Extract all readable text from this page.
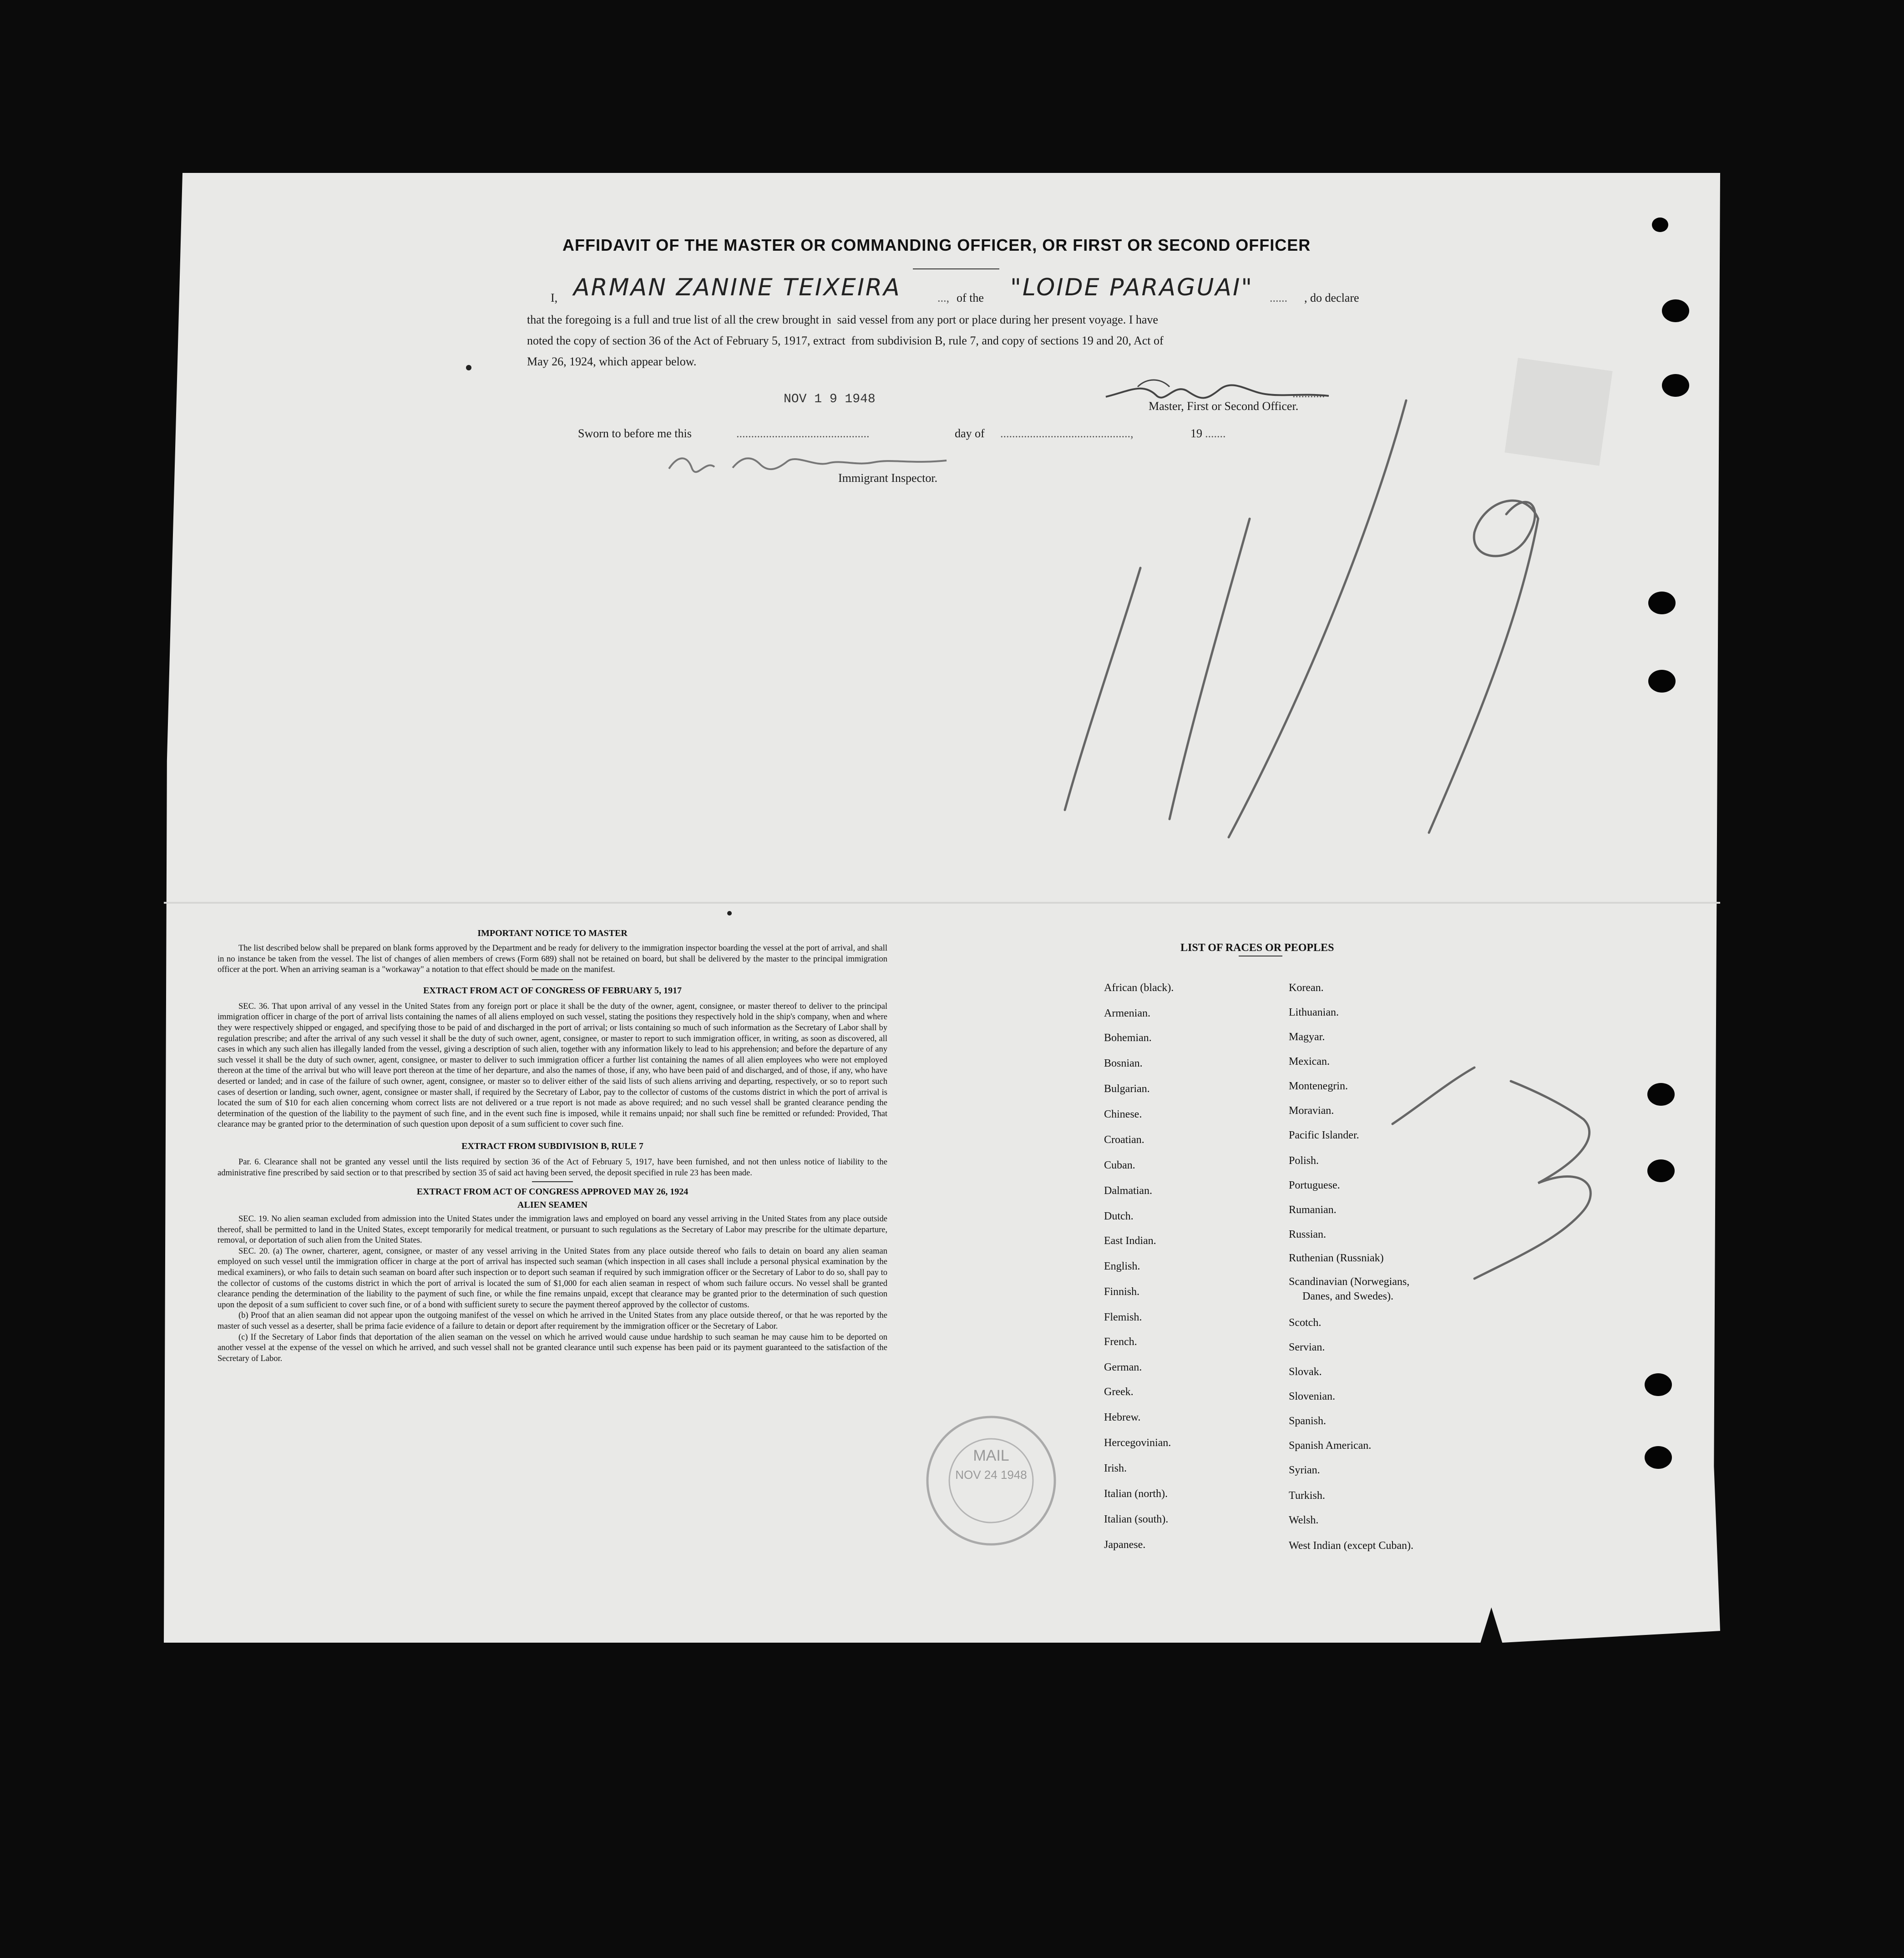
AFFIDAVIT OF THE MASTER OR COMMANDING OFFICER, OR FIRST OR SECOND OFFICER
I, ARMAN ZANINE TEIXEIRA	..., of the "LOIDE PARAGUAI" ...... , do declare
that the foregoing is a full and true list of all the crew brought in  said vessel from any port or place during her present voyage. I have
noted the copy of section 36 of the Act of February 5, 1917, extract  from subdivision B, rule 7, and copy of sections 19 and 20, Act of
May 26, 1924, which appear below.
NOV 1 9 1948	...........
Master, First or Second Officer.
Sworn to before me this	.............................................	day of ............................................,	19 .......
Immigrant Inspector.
IMPORTANT NOTICE TO MASTER
The list described below shall be prepared on blank forms approved by the Department and be ready for delivery to the immigration inspector boarding the vessel at the port of arrival, and shall in no instance be taken from the vessel. The list of changes of alien members of crews (Form 689) shall not be retained on board, but shall be delivered by the master to the principal immigration officer at the port. When an arriving seaman is a "workaway" a notation to that effect should be made on the manifest.
EXTRACT FROM ACT OF CONGRESS OF FEBRUARY 5, 1917
SEC. 36. That upon arrival of any vessel in the United States from any foreign port or place it shall be the duty of the owner, agent, consignee, or master thereof to deliver to the principal immigration officer in charge of the port of arrival lists containing the names of all aliens employed on such vessel, stating the positions they respectively hold in the ship's company, when and where they were respectively shipped or engaged, and specifying those to be paid of and discharged in the port of arrival; or lists containing so much of such information as the Secretary of Labor shall by regulation prescribe; and after the arrival of any such vessel it shall be the duty of such owner, agent, consignee, or master to report to such immigration officer, in writing, as soon as discovered, all cases in which any such alien has illegally landed from the vessel, giving a description of such alien, together with any information likely to lead to his apprehension; and before the departure of any such vessel it shall be the duty of such owner, agent, consignee, or master to deliver to such immigration officer a further list containing the names of all alien employees who were not employed thereon at the time of the arrival but who will leave port thereon at the time of her departure, and also the names of those, if any, who have been paid of and discharged, and of those, if any, who have deserted or landed; and in case of the failure of such owner, agent, consignee, or master so to deliver either of the said lists of such aliens arriving and departing, respectively, or so to report such cases of desertion or landing, such owner, agent, consignee or master shall, if required by the Secretary of Labor, pay to the collector of customs of the customs district in which the port of arrival is located the sum of $10 for each alien concerning whom correct lists are not delivered or a true report is not made as above required; and no such vessel shall be granted clearance pending the determination of the question of the liability to the payment of such fine, and in the event such fine is imposed, while it remains unpaid; nor shall such fine be remitted or refunded: Provided, That clearance may be granted prior to the determination of such question upon deposit of a sum sufficient to cover such fine.
EXTRACT FROM SUBDIVISION B, RULE 7
Par. 6. Clearance shall not be granted any vessel until the lists required by section 36 of the Act of February 5, 1917, have been furnished, and not then unless notice of liability to the administrative fine prescribed by said section or to that prescribed by section 35 of said act having been served, the deposit specified in rule 23 has been made.
EXTRACT FROM ACT OF CONGRESS APPROVED MAY 26, 1924
ALIEN SEAMEN
SEC. 19. No alien seaman excluded from admission into the United States under the immigration laws and employed on board any vessel arriving in the United States from any place outside thereof, shall be permitted to land in the United States, except temporarily for medical treatment, or pursuant to such regulations as the Secretary of Labor may prescribe for the ultimate departure, removal, or deportation of such alien from the United States.
SEC. 20. (a) The owner, charterer, agent, consignee, or master of any vessel arriving in the United States from any place outside thereof who fails to detain on board any alien seaman employed on such vessel until the immigration officer in charge at the port of arrival has inspected such seaman (which inspection in all cases shall include a personal physical examination by the medical examiners), or who fails to detain such seaman on board after such inspection or to deport such seaman if required by such immigration officer or the Secretary of Labor to do so, shall pay to the collector of customs of the customs district in which the port of arrival is located the sum of $1,000 for each alien seaman in respect of whom such failure occurs. No vessel shall be granted clearance pending the determination of the liability to the payment of such fine, or while the fine remains unpaid, except that clearance may be granted prior to the determination of such question upon the deposit of a sum sufficient to cover such fine, or of a bond with sufficient surety to secure the payment thereof approved by the collector of customs.
(b) Proof that an alien seaman did not appear upon the outgoing manifest of the vessel on which he arrived in the United States from any place outside thereof, or that he was reported by the master of such vessel as a deserter, shall be prima facie evidence of a failure to detain or deport after requirement by the immigration officer or the Secretary of Labor.
(c) If the Secretary of Labor finds that deportation of the alien seaman on the vessel on which he arrived would cause undue hardship to such seaman he may cause him to be deported on another vessel at the expense of the vessel on which he arrived, and such vessel shall not be granted clearance until such expense has been paid or its payment guaranteed to the satisfaction of the Secretary of Labor.
MAIL
NOV 24 1948
LIST OF RACES OR PEOPLES
African (black).
Armenian.
Bohemian.
Bosnian.
Bulgarian.
Chinese.
Croatian.
Cuban.
Dalmatian.
Dutch.
East Indian.
English.
Finnish.
Flemish.
French.
German.
Greek.
Hebrew.
Hercegovinian.
Irish.
Italian (north).
Italian (south).
Japanese.
Korean.
Lithuanian.
Magyar.
Mexican.
Montenegrin.
Moravian.
Pacific Islander.
Polish.
Portuguese.
Rumanian.
Russian.
Ruthenian (Russniak)
Scandinavian (Norwegians,
Danes, and Swedes).
Scotch.
Servian.
Slovak.
Slovenian.
Spanish.
Spanish American.
Syrian.
Turkish.
Welsh.
West Indian (except Cuban).
